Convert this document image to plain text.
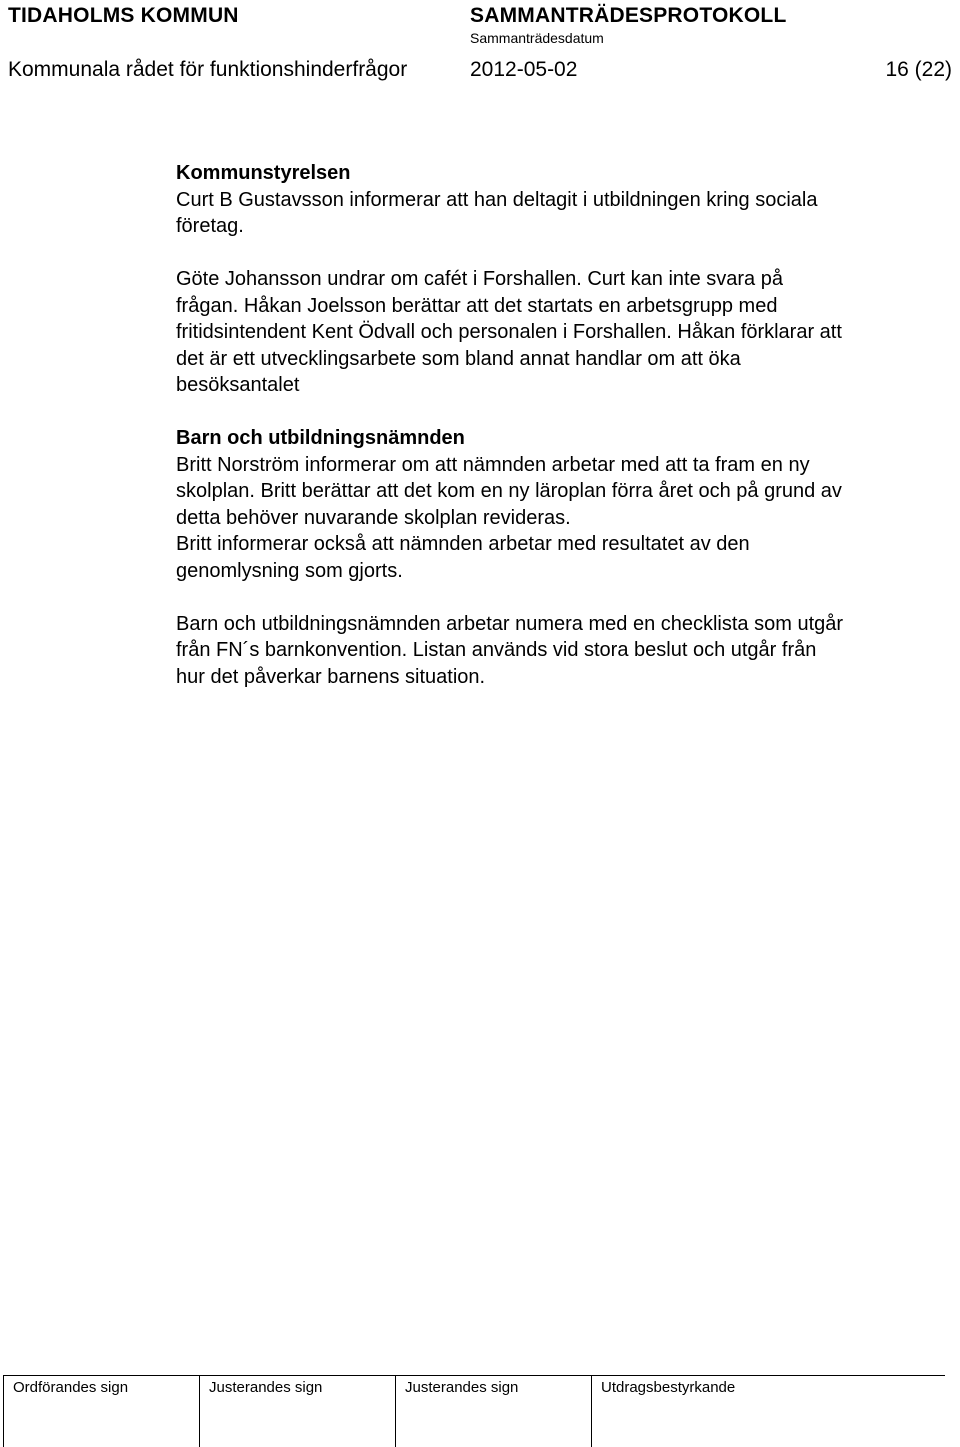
TIDAHOLMS KOMMUN	SAMMANTRÄDESPROTOKOLL
Sammanträdesdatum
Kommunala rådet för funktionshinderfrågor	2012-05-02	16 (22)
Kommunstyrelsen

Curt B Gustavsson informerar att han deltagit i utbildningen kring sociala
företag.

Göte Johansson undrar om cafét i Forshallen. Curt kan inte svara på
frågan. Håkan Joelsson berättar att det startats en arbetsgrupp med
fritidsintendent Kent Ödvall och personalen i Forshallen. Håkan förklarar att
det är ett utvecklingsarbete som bland annat handlar om att öka
besöksantalet

Barn och utbildningsnämnden

Britt Norström informerar om att nämnden arbetar med att ta fram en ny
skolplan. Britt berättar att det kom en ny läroplan förra året och på grund av
detta behöver nuvarande skolplan revideras.
Britt informerar också att nämnden arbetar med resultatet av den
genomlysning som gjorts.

Barn och utbildningsnämnden arbetar numera med en checklista som utgår
från FN´s barnkonvention. Listan används vid stora beslut och utgår från
hur det påverkar barnens situation.

Ordförandes sign	Justerandes sign	Justerandes sign	Utdragsbestyrkande
